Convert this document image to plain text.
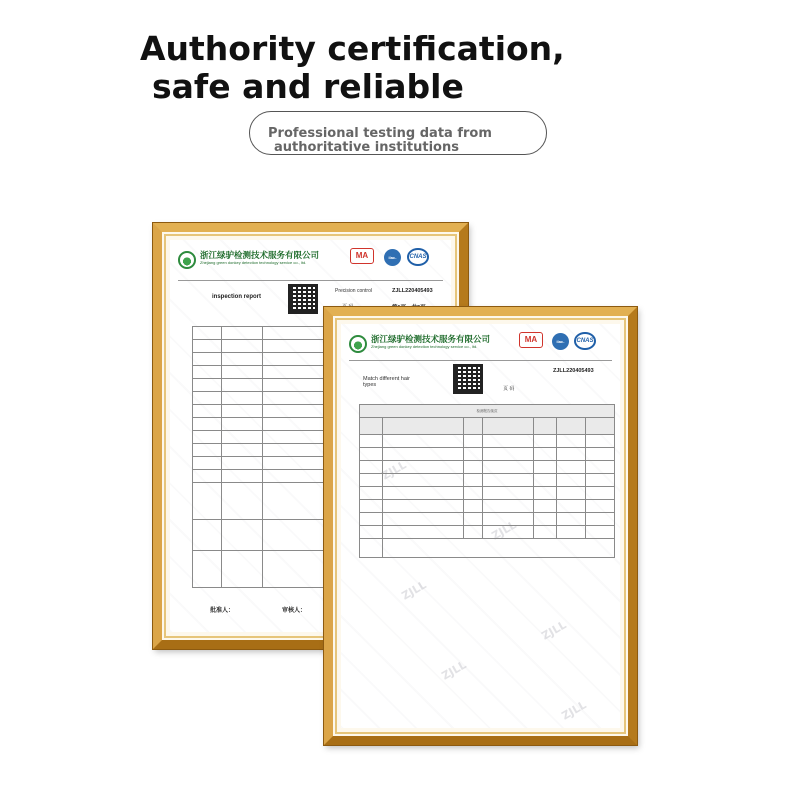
Authority certification,
safe and reliable

Professional testing data from
authoritative institutions

浙江绿驴检测技术服务有限公司
Zhejiang green donkey detection technology service co., ltd.
MA	ilac-MRA
CNAS
inspection report
Precision control	ZJLL220405493

批准人：	审核人：
ZJLL
ZJLL
ZJLL
ZJLL
ZJLL
ZJLL
浙江绿驴检测技术服务有限公司
Zhejiang green donkey detection technology service co., ltd.
MA	ilac-MRA
CNAS
Match different hair types
ZJLL220405493
页 码
检测报告续页						
